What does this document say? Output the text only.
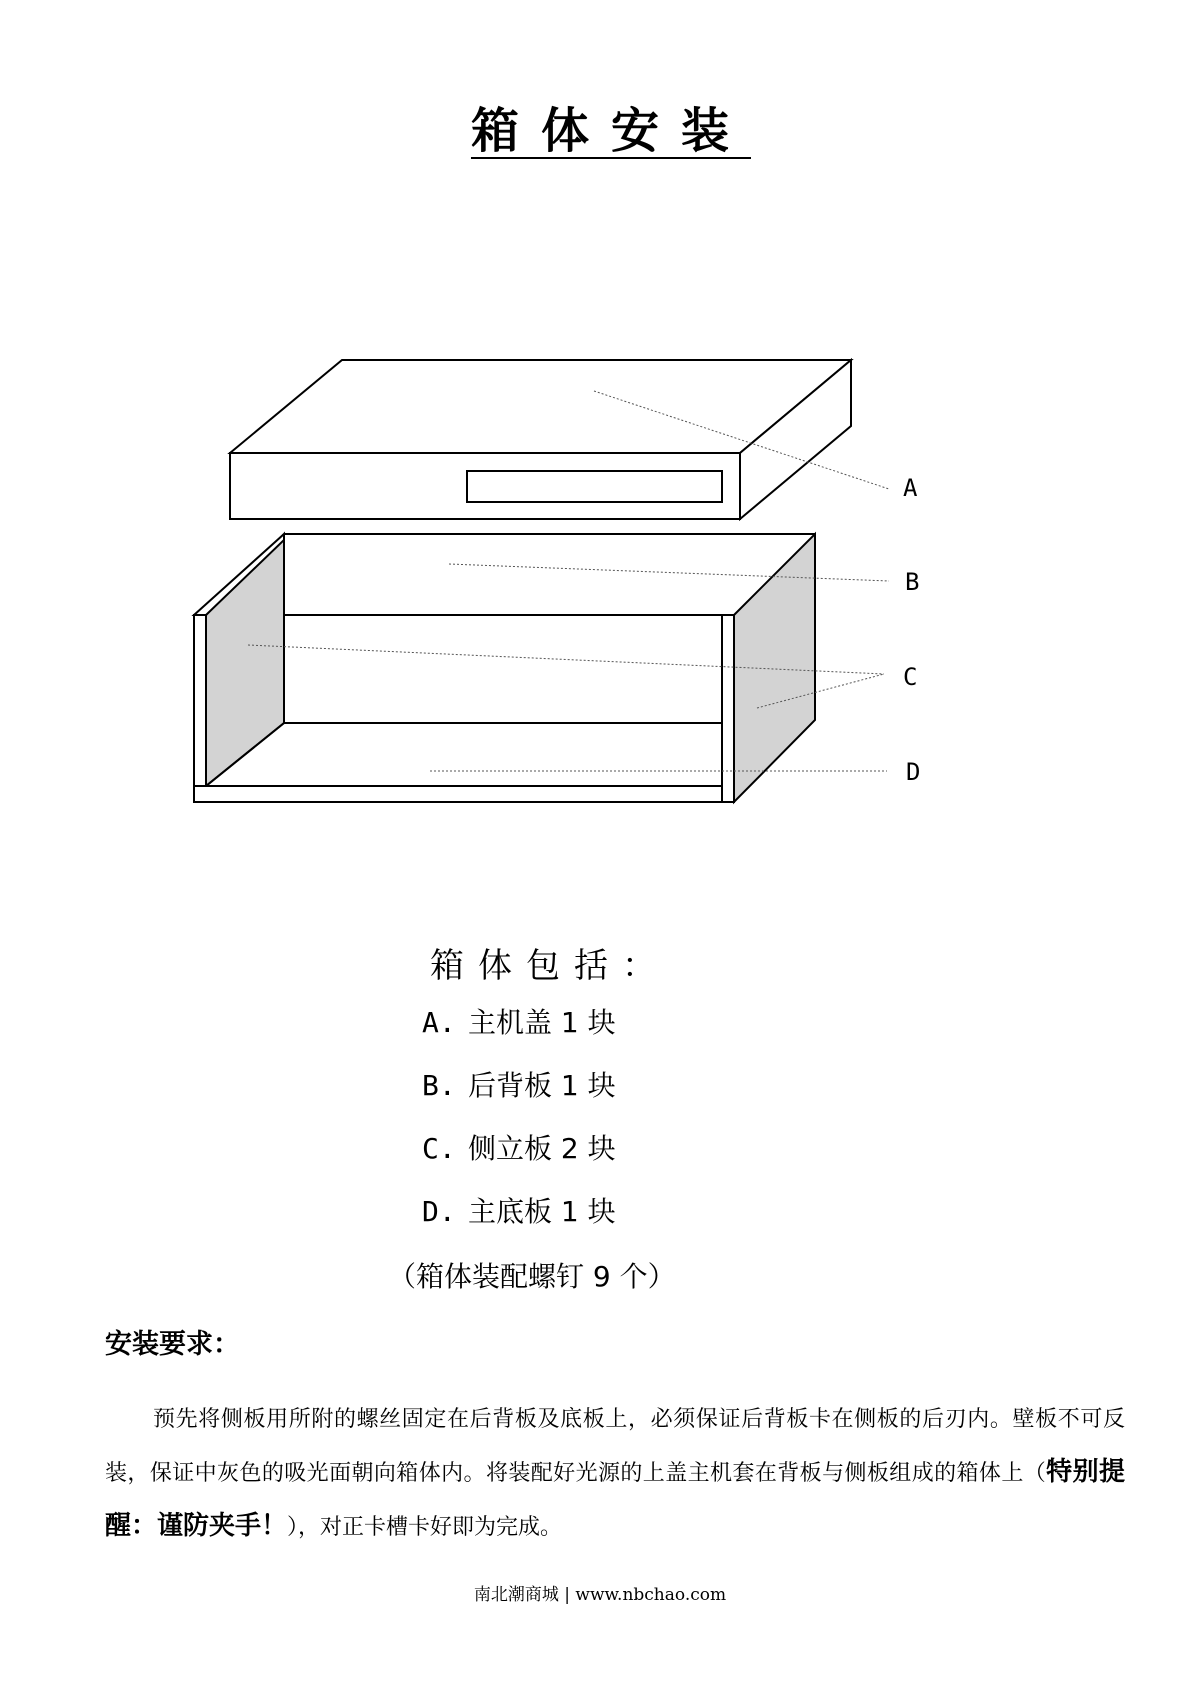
箱体安装
A
B
C
D
箱体包括：
A. 主机盖 1 块
B. 后背板 1 块
C. 侧立板 2 块
D. 主底板 1 块
（箱体装配螺钉 9 个）
安装要求：

预先将侧板用所附的螺丝固定在后背板及底板上，必须保证后背板卡在侧板的后刃内。壁板不可反装，保证中灰色的吸光面朝向箱体内。将装配好光源的上盖主机套在背板与侧板组成的箱体上（特别提醒：谨防夹手！），对正卡槽卡好即为完成。

南北潮商城 | www.nbchao.com
